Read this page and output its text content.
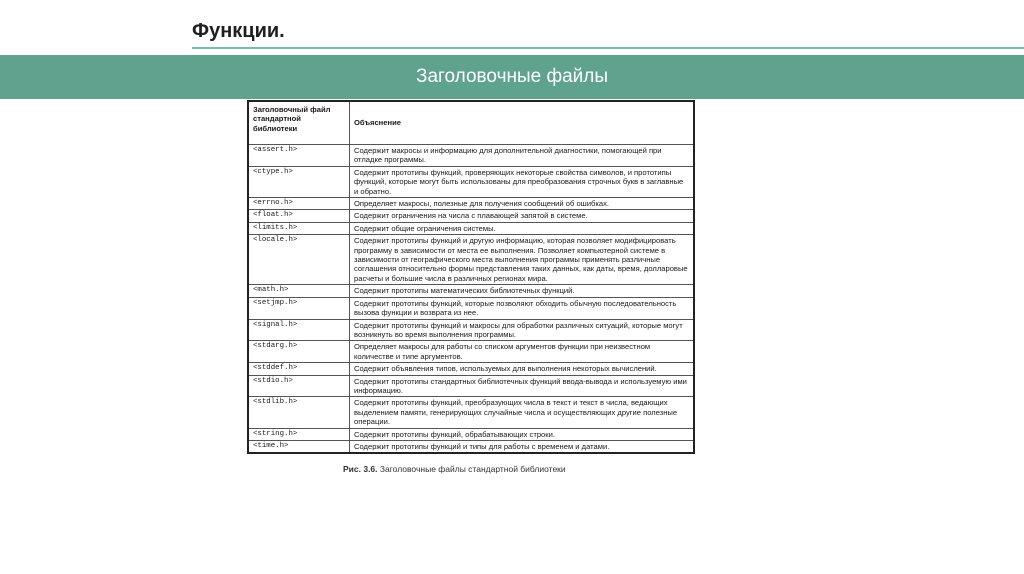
Функции.
Заголовочные файлы
Заголовочный файл стандартной библиотеки	Объяснение
<assert.h>	Содержит макросы и информацию для дополнительной диагностики, помогающей при отладке программы.
<ctype.h>	Содержит прототипы функций, проверяющих некоторые свойства символов, и прототипы функций, которые могут быть использованы для преобразования строчных букв в заглавные и обратно.
<errno.h>	Определяет макросы, полезные для получения сообщений об ошибках.
<float.h>	Содержит ограничения на числа с плавающей запятой в системе.
<limits.h>	Содержит общие ограничения системы.
<locale.h>	Содержит прототипы функций и другую информацию, которая позволяет модифицировать программу в зависимости от места ее выполнения. Позволяет компьютерной системе в зависимости от географического места выполнения программы применять различные соглашения относительно формы представления таких данных, как даты, время, долларовые расчеты и большие числа в различных регионах мира.
<math.h>	Содержит прототипы математических библиотечных функций.
<setjmp.h>	Содержит прототипы функций, которые позволяют обходить обычную последовательность вызова функции и возврата из нее.
<signal.h>	Содержит прототипы функций и макросы для обработки различных ситуаций, которые могут возникнуть во время выполнения программы.
<stdarg.h>	Определяет макросы для работы со списком аргументов функции при неизвестном количестве и типе аргументов.
<stddef.h>	Содержит объявления типов, используемых для выполнения некоторых вычислений.
<stdio.h>	Содержит прототипы стандартных библиотечных функций ввода-вывода и используемую ими информацию.
<stdlib.h>	Содержит прототипы функций, преобразующих числа в текст и текст в числа, ведающих выделением памяти, генерирующих случайные числа и осуществляющих другие полезные операции.
<string.h>	Содержит прототипы функций, обрабатывающих строки.
<time.h>	Содержит прототипы функций и типы для работы с временем и датами.
Рис. 3.6. Заголовочные файлы стандартной библиотеки
